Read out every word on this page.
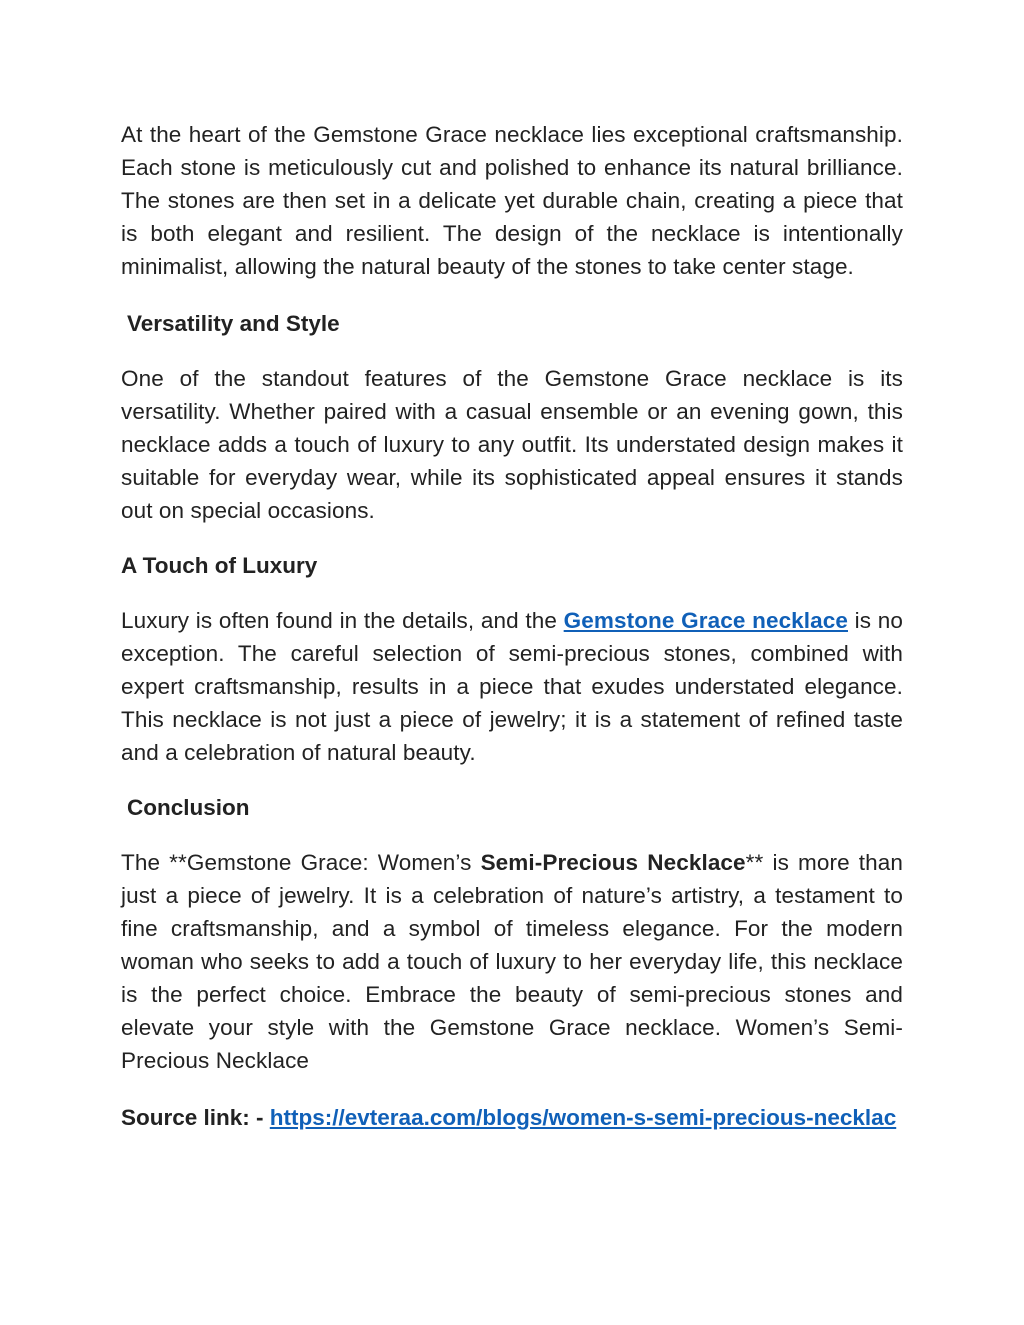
At the heart of the Gemstone Grace necklace lies exceptional craftsmanship. Each stone is meticulously cut and polished to enhance its natural brilliance. The stones are then set in a delicate yet durable chain, creating a piece that is both elegant and resilient. The design of the necklace is intentionally minimalist, allowing the natural beauty of the stones to take center stage.

Versatility and Style

One of the standout features of the Gemstone Grace necklace is its versatility. Whether paired with a casual ensemble or an evening gown, this necklace adds a touch of luxury to any outfit. Its understated design makes it suitable for everyday wear, while its sophisticated appeal ensures it stands out on special occasions.

A Touch of Luxury

Luxury is often found in the details, and the Gemstone Grace necklace is no exception. The careful selection of semi-precious stones, combined with expert craftsmanship, results in a piece that exudes understated elegance. This necklace is not just a piece of jewelry; it is a statement of refined taste and a celebration of natural beauty.

Conclusion

The **Gemstone Grace: Women’s Semi-Precious Necklace** is more than just a piece of jewelry. It is a celebration of nature’s artistry, a testament to fine craftsmanship, and a symbol of timeless elegance. For the modern woman who seeks to add a touch of luxury to her everyday life, this necklace is the perfect choice. Embrace the beauty of semi-precious stones and elevate your style with the Gemstone Grace necklace. Women’s Semi-Precious Necklace

Source link: - https://evteraa.com/blogs/women-s-semi-precious-necklac
